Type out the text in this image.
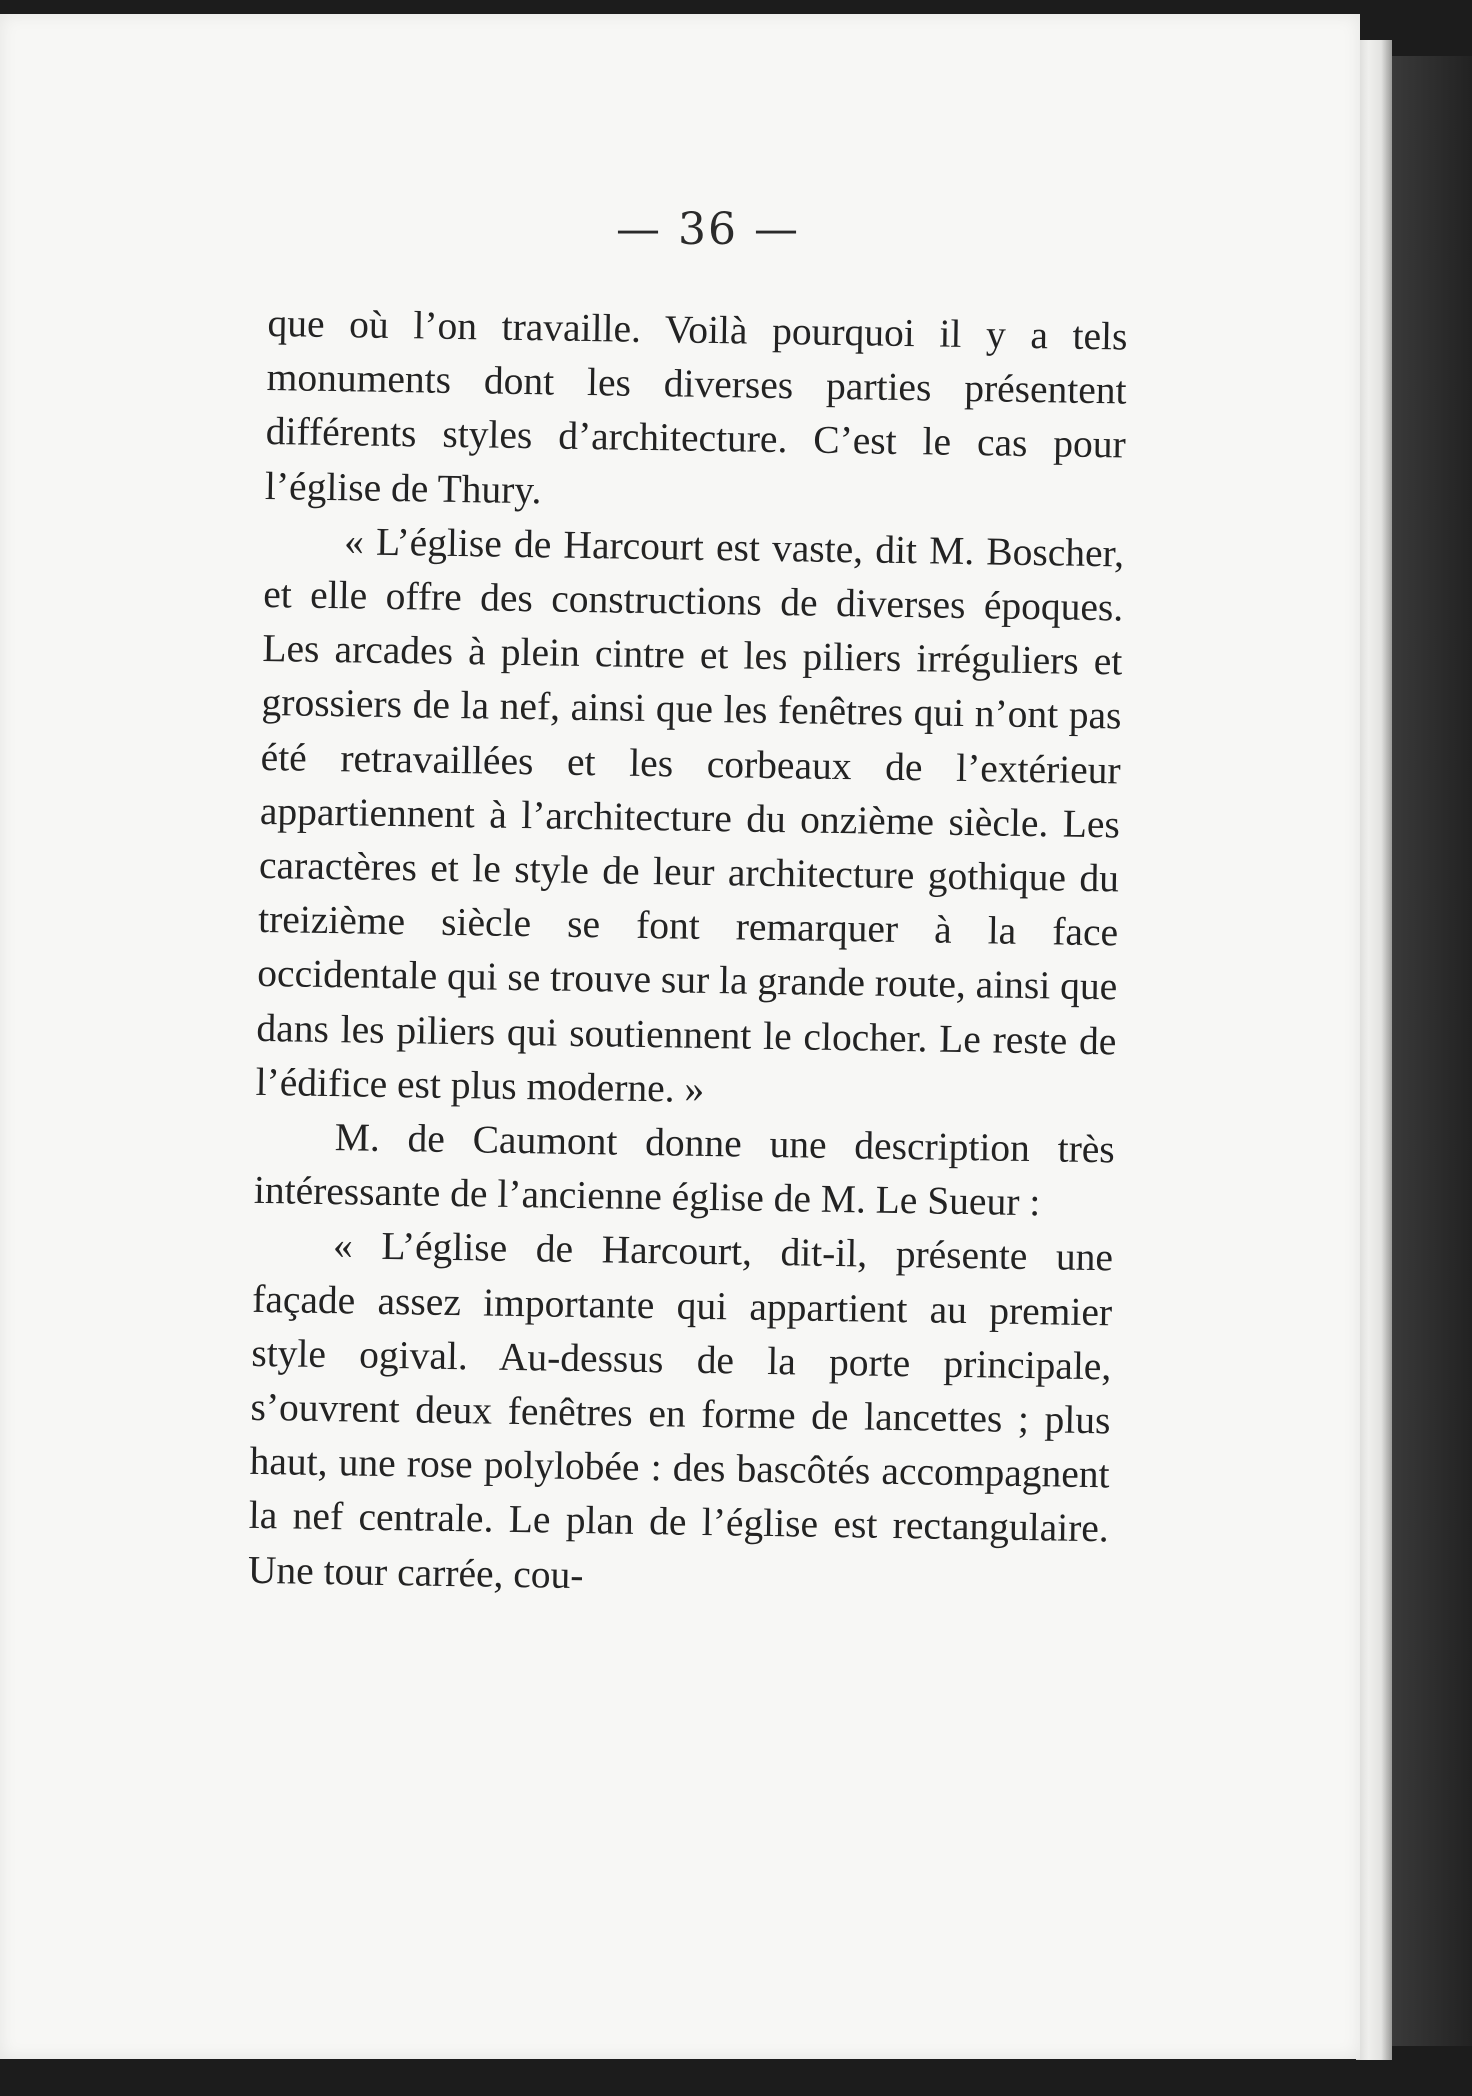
— 36 —

que où l’on travaille. Voilà pourquoi il y a tels monuments dont les diverses parties présentent différents styles d’architecture. C’est le cas pour l’église de Thury.

« L’église de Harcourt est vaste, dit M. Boscher, et elle offre des constructions de diverses époques. Les arcades à plein cintre et les piliers irréguliers et grossiers de la nef, ainsi que les fenêtres qui n’ont pas été retravaillées et les corbeaux de l’extérieur appartiennent à l’architecture du onzième siècle. Les caractères et le style de leur architecture gothique du treizième siècle se font remarquer à la face occidentale qui se trouve sur la grande route, ainsi que dans les piliers qui soutiennent le clocher. Le reste de l’édifice est plus moderne. »

M. de Caumont donne une description très intéressante de l’ancienne église de M. Le Sueur :

« L’église de Harcourt, dit-il, présente une façade assez importante qui appartient au premier style ogival. Au-dessus de la porte principale, s’ouvrent deux fenêtres en forme de lancettes ; plus haut, une rose polylobée : des bascôtés accompagnent la nef centrale. Le plan de l’église est rectangulaire. Une tour carrée, cou-
